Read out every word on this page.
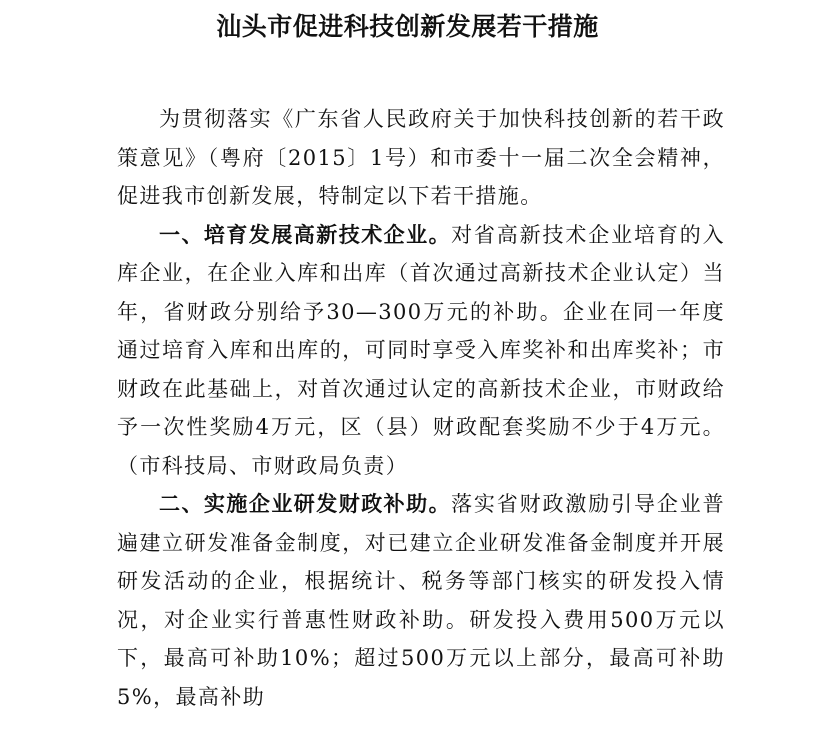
汕头市促进科技创新发展若干措施

为贯彻落实《广东省人民政府关于加快科技创新的若干政策意见》（粤府〔2015〕1号）和市委十一届二次全会精神，促进我市创新发展，特制定以下若干措施。

一、培育发展高新技术企业。对省高新技术企业培育的入库企业，在企业入库和出库（首次通过高新技术企业认定）当年，省财政分别给予30—300万元的补助。企业在同一年度通过培育入库和出库的，可同时享受入库奖补和出库奖补；市财政在此基础上，对首次通过认定的高新技术企业，市财政给予一次性奖励4万元，区（县）财政配套奖励不少于4万元。（市科技局、市财政局负责）

二、实施企业研发财政补助。落实省财政激励引导企业普遍建立研发准备金制度，对已建立企业研发准备金制度并开展研发活动的企业，根据统计、税务等部门核实的研发投入情况，对企业实行普惠性财政补助。研发投入费用500万元以下，最高可补助10%；超过500万元以上部分，最高可补助5%，最高补助
